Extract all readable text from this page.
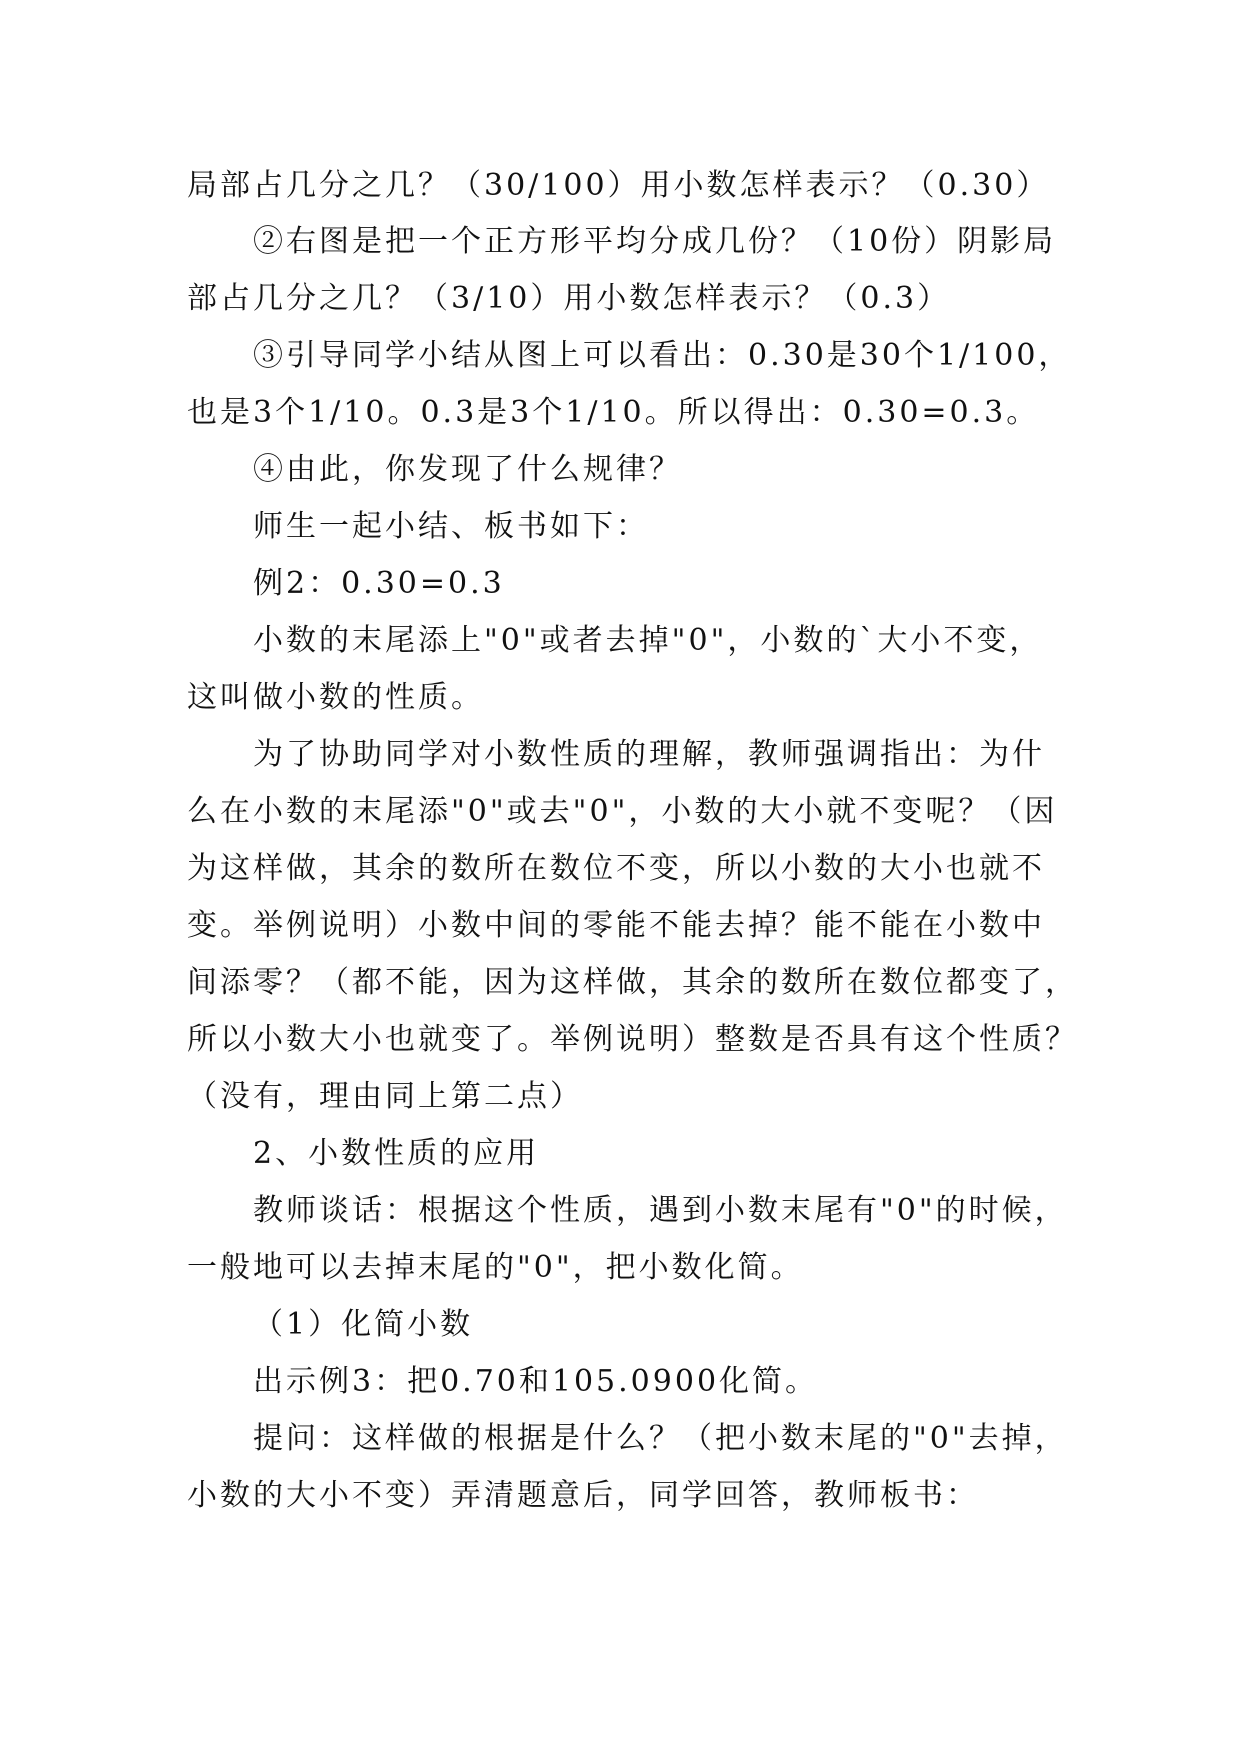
局部占几分之几？（30/100）用小数怎样表示？（0.30）
②右图是把一个正方形平均分成几份？（10份）阴影局
部占几分之几？（3/10）用小数怎样表示？（0.3）
③引导同学小结从图上可以看出：0.30是30个1/100，
也是3个1/10。0.3是3个1/10。所以得出：0.30=0.3。
④由此，你发现了什么规律？
师生一起小结、板书如下：
例2：0.30=0.3
小数的末尾添上"0"或者去掉"0"，小数的`大小不变，
这叫做小数的性质。
为了协助同学对小数性质的理解，教师强调指出：为什
么在小数的末尾添"0"或去"0"，小数的大小就不变呢？（因
为这样做，其余的数所在数位不变，所以小数的大小也就不
变。举例说明）小数中间的零能不能去掉？能不能在小数中
间添零？（都不能，因为这样做，其余的数所在数位都变了，
所以小数大小也就变了。举例说明）整数是否具有这个性质？
（没有，理由同上第二点）
2、小数性质的应用
教师谈话：根据这个性质，遇到小数末尾有"0"的时候，
一般地可以去掉末尾的"0"，把小数化简。
（1）化简小数
出示例3：把0.70和105.0900化简。
提问：这样做的根据是什么？（把小数末尾的"0"去掉，
小数的大小不变）弄清题意后，同学回答，教师板书：
